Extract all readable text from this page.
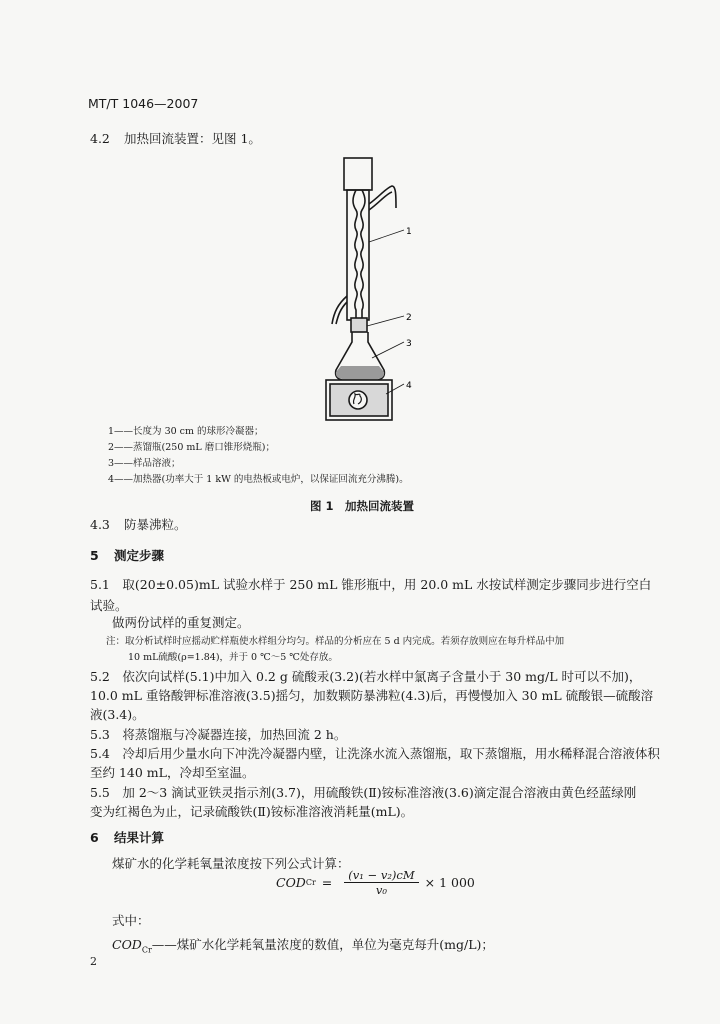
MT/T 1046—2007
4.2 加热回流装置：见图 1。
1
2
3
4
1——长度为 30 cm 的球形冷凝器；
2——蒸馏瓶(250 mL 磨口锥形烧瓶)；
3——样品溶液；
4——加热器(功率大于 1 kW 的电热板或电炉，以保证回流充分沸腾)。
图 1　加热回流装置
4.3 防暴沸粒。
5 测定步骤
5.1　取(20±0.05)mL 试验水样于 250 mL 锥形瓶中，用 20.0 mL 水按试样测定步骤同步进行空白
试验。
做两份试样的重复测定。
注：取分析试样时应摇动贮样瓶使水样组分均匀。样品的分析应在 5 d 内完成。若须存放则应在每升样品中加
10 mL硫酸(ρ=1.84)，并于 0 ℃～5 ℃处存放。
5.2　依次向试样(5.1)中加入 0.2 g 硫酸汞(3.2)(若水样中氯离子含量小于 30 mg/L 时可以不加)，
10.0 mL 重铬酸钾标准溶液(3.5)摇匀，加数颗防暴沸粒(4.3)后，再慢慢加入 30 mL 硫酸银—硫酸溶
液(3.4)。
5.3　将蒸馏瓶与冷凝器连接，加热回流 2 h。
5.4　冷却后用少量水向下冲洗冷凝器内壁，让洗涤水流入蒸馏瓶，取下蒸馏瓶，用水稀释混合溶液体积
至约 140 mL，冷却至室温。
5.5　加 2～3 滴试亚铁灵指示剂(3.7)，用硫酸铁(Ⅱ)铵标准溶液(3.6)滴定混合溶液由黄色经蓝绿刚
变为红褐色为止，记录硫酸铁(Ⅱ)铵标准溶液消耗量(mL)。
6 结果计算
煤矿水的化学耗氧量浓度按下列公式计算：
COD $Cr = \frac{\text{(v₁ − v₂)cM}}{\text{v₀}} \times 1$ 000
式中：
$COD_{Cr}——$煤矿水化学耗氧量浓度的数值，单位为毫克每升(mg/L)；
2
